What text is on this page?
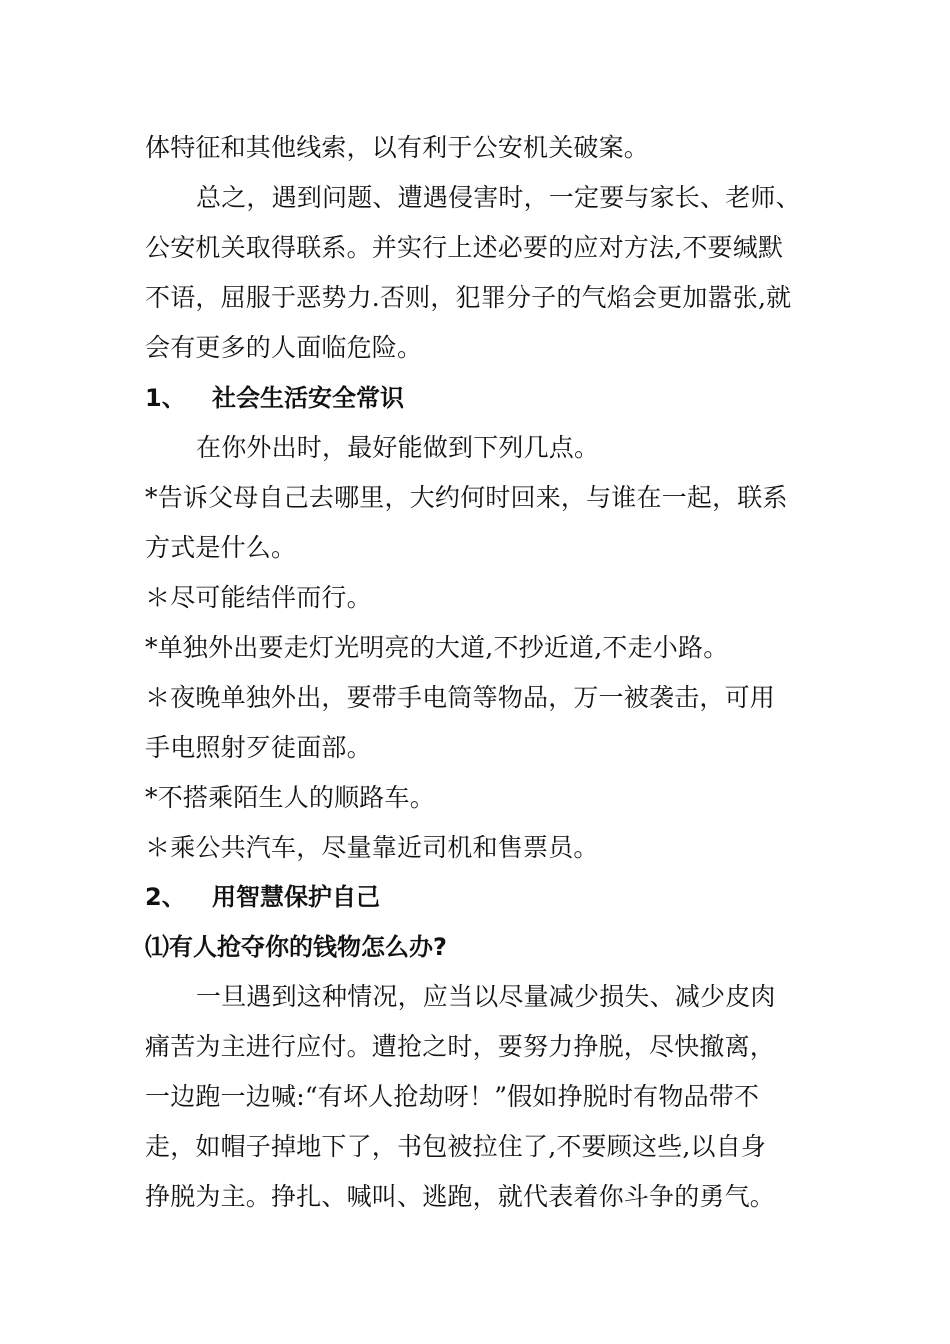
体特征和其他线索，以有利于公安机关破案。
总之，遇到问题、遭遇侵害时，一定要与家长、老师、
公安机关取得联系。并实行上述必要的应对方法,不要缄默
不语，屈服于恶势力.否则，犯罪分子的气焰会更加嚣张,就
会有更多的人面临危险。
1、 社会生活安全常识
在你外出时，最好能做到下列几点。
*告诉父母自己去哪里，大约何时回来，与谁在一起，联系
方式是什么。
＊尽可能结伴而行。
*单独外出要走灯光明亮的大道,不抄近道,不走小路。
＊夜晚单独外出，要带手电筒等物品，万一被袭击，可用
手电照射歹徒面部。
*不搭乘陌生人的顺路车。
＊乘公共汽车，尽量靠近司机和售票员。
2、 用智慧保护自己
⑴有人抢夺你的钱物怎么办?
一旦遇到这种情况，应当以尽量减少损失、减少皮肉
痛苦为主进行应付。遭抢之时，要努力挣脱，尽快撤离，
一边跑一边喊:“有坏人抢劫呀！”假如挣脱时有物品带不
走，如帽子掉地下了，书包被拉住了,不要顾这些,以自身
挣脱为主。挣扎、喊叫、逃跑，就代表着你斗争的勇气。
